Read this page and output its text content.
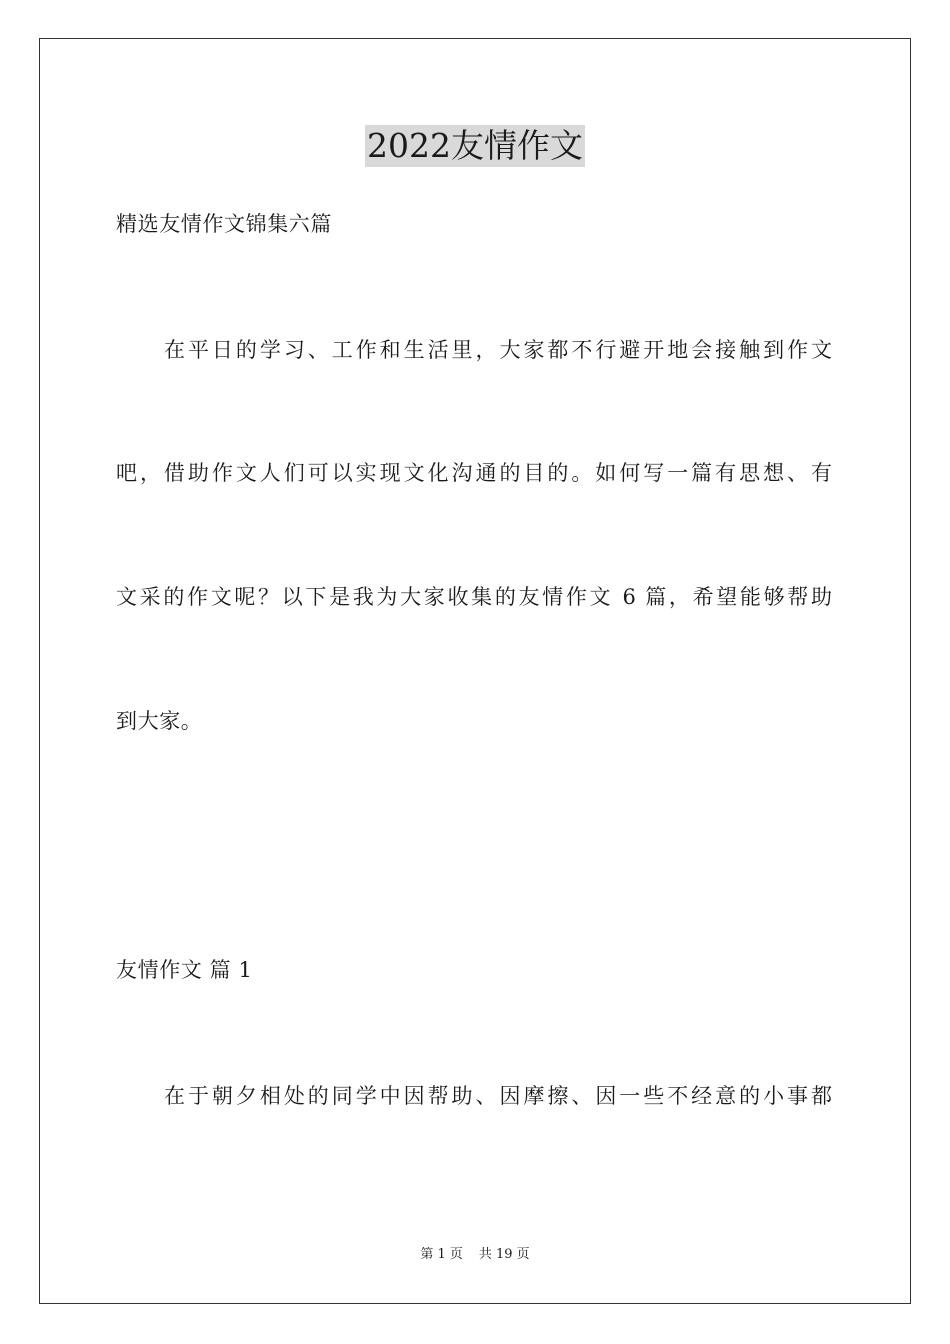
2022友情作文
精选友情作文锦集六篇
在平日的学习、工作和生活里，大家都不行避开地会接触到作文
吧，借助作文人们可以实现文化沟通的目的。如何写一篇有思想、有
文采的作文呢？以下是我为大家收集的友情作文 6 篇，希望能够帮助
到大家。
友情作文 篇 1
在于朝夕相处的同学中因帮助、因摩擦、因一些不经意的小事都
第 1 页 共 19 页
